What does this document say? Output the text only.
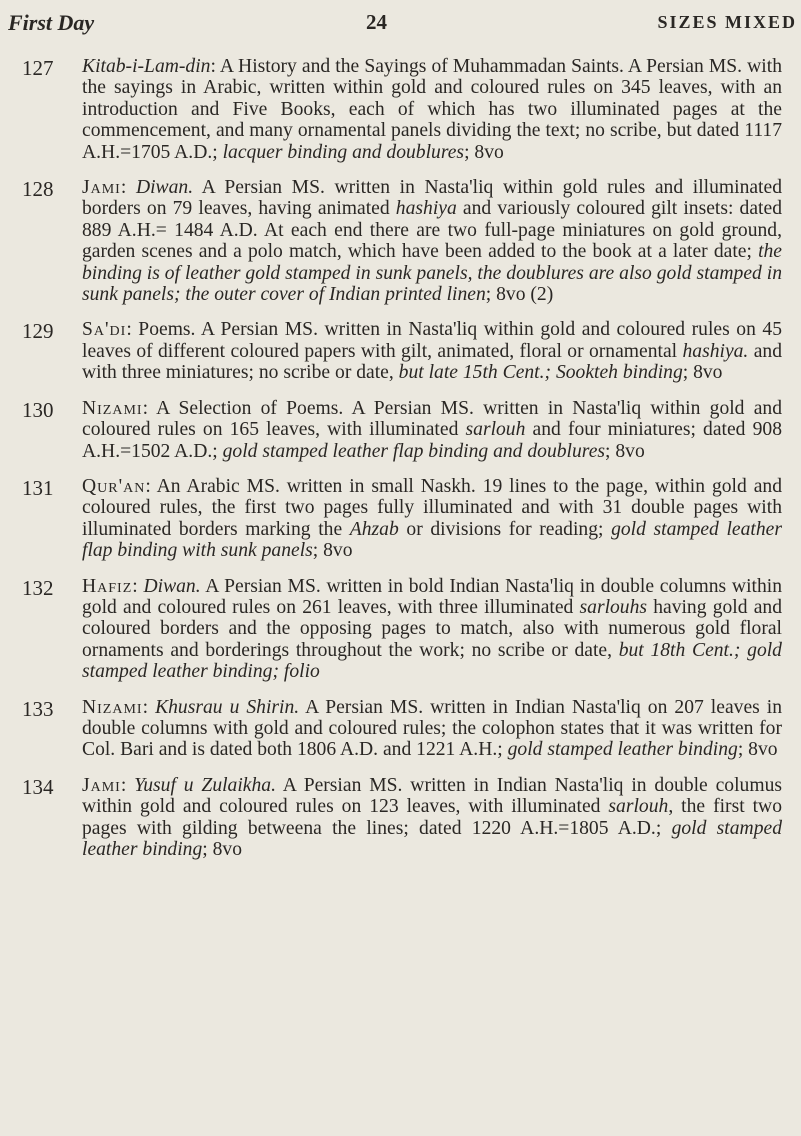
First Day	24	SIZES MIXED
127	Kitab-i-Lam-din: A History and the Sayings of Muhammadan Saints. A Persian MS. with the sayings in Arabic, written within gold and coloured rules on 345 leaves, with an introduction and Five Books, each of which has two illuminated pages at the commencement, and many ornamental panels dividing the text; no scribe, but dated 1117 A.H.=1705 A.D.; lacquer binding and doublures; 8vo

128	Jami: Diwan. A Persian MS. written in Nasta'liq within gold rules and illuminated borders on 79 leaves, having animated hashiya and variously coloured gilt insets: dated 889 A.H.= 1484 A.D. At each end there are two full-page miniatures on gold ground, garden scenes and a polo match, which have been added to the book at a later date; the binding is of leather gold stamped in sunk panels, the doublures are also gold stamped in sunk panels; the outer cover of Indian printed linen; 8vo (2)

129	Sa'di: Poems. A Persian MS. written in Nasta'liq within gold and coloured rules on 45 leaves of different coloured papers with gilt, animated, floral or ornamental hashiya. and with three miniatures; no scribe or date, but late 15th Cent.; Sookteh binding; 8vo

130	Nizami: A Selection of Poems. A Persian MS. written in Nasta'liq within gold and coloured rules on 165 leaves, with illuminated sarlouh and four miniatures; dated 908 A.H.=1502 A.D.; gold stamped leather flap binding and doublures; 8vo

131	Qur'an: An Arabic MS. written in small Naskh. 19 lines to the page, within gold and coloured rules, the first two pages fully illuminated and with 31 double pages with illuminated borders marking the Ahzab or divisions for reading; gold stamped leather flap binding with sunk panels; 8vo

132	Hafiz: Diwan. A Persian MS. written in bold Indian Nasta'liq in double columns within gold and coloured rules on 261 leaves, with three illuminated sarlouhs having gold and coloured borders and the opposing pages to match, also with numerous gold floral ornaments and borderings throughout the work; no scribe or date, but 18th Cent.; gold stamped leather binding; folio

133	Nizami: Khusrau u Shirin. A Persian MS. written in Indian Nasta'liq on 207 leaves in double columns with gold and coloured rules; the colophon states that it was written for Col. Bari and is dated both 1806 A.D. and 1221 A.H.; gold stamped leather binding; 8vo

134	Jami: Yusuf u Zulaikha. A Persian MS. written in Indian Nasta'liq in double columus within gold and coloured rules on 123 leaves, with illuminated sarlouh, the first two pages with gilding betweena the lines; dated 1220 A.H.=1805 A.D.; gold stamped leather binding; 8vo
